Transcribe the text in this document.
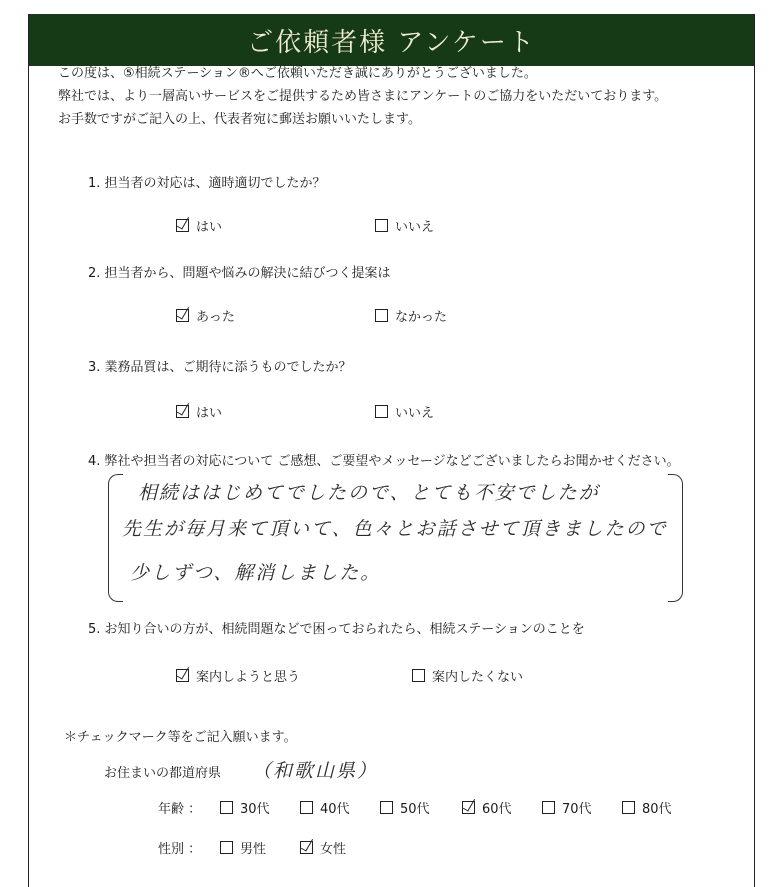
ご依頼者様 アンケート
この度は、⑤相続ステーション®へご依頼いただき誠にありがとうございました。
弊社では、より一層高いサービスをご提供するため皆さまにアンケートのご協力をいただいております。
お手数ですがご記入の上、代表者宛に郵送お願いいたします。
1. 担当者の対応は、適時適切でしたか？
はい	いいえ
2. 担当者から、問題や悩みの解決に結びつく提案は
あった	なかった
3. 業務品質は、ご期待に添うものでしたか？
はい	いいえ
4. 弊社や担当者の対応について ご感想、ご要望やメッセージなどございましたらお聞かせください。
相続ははじめてでしたので、とても不安でしたが
先生が毎月来て頂いて、色々とお話させて頂きましたので
少しずつ、解消しました。
5. お知り合いの方が、相続問題などで困っておられたら、相続ステーションのことを
案内しようと思う	案内したくない
＊チェックマーク等をご記入願います。
お住まいの都道府県 （和歌山県）
年齢 ：	30代	40代	50代	60代	70代	80代
性別 ：	男性	女性
